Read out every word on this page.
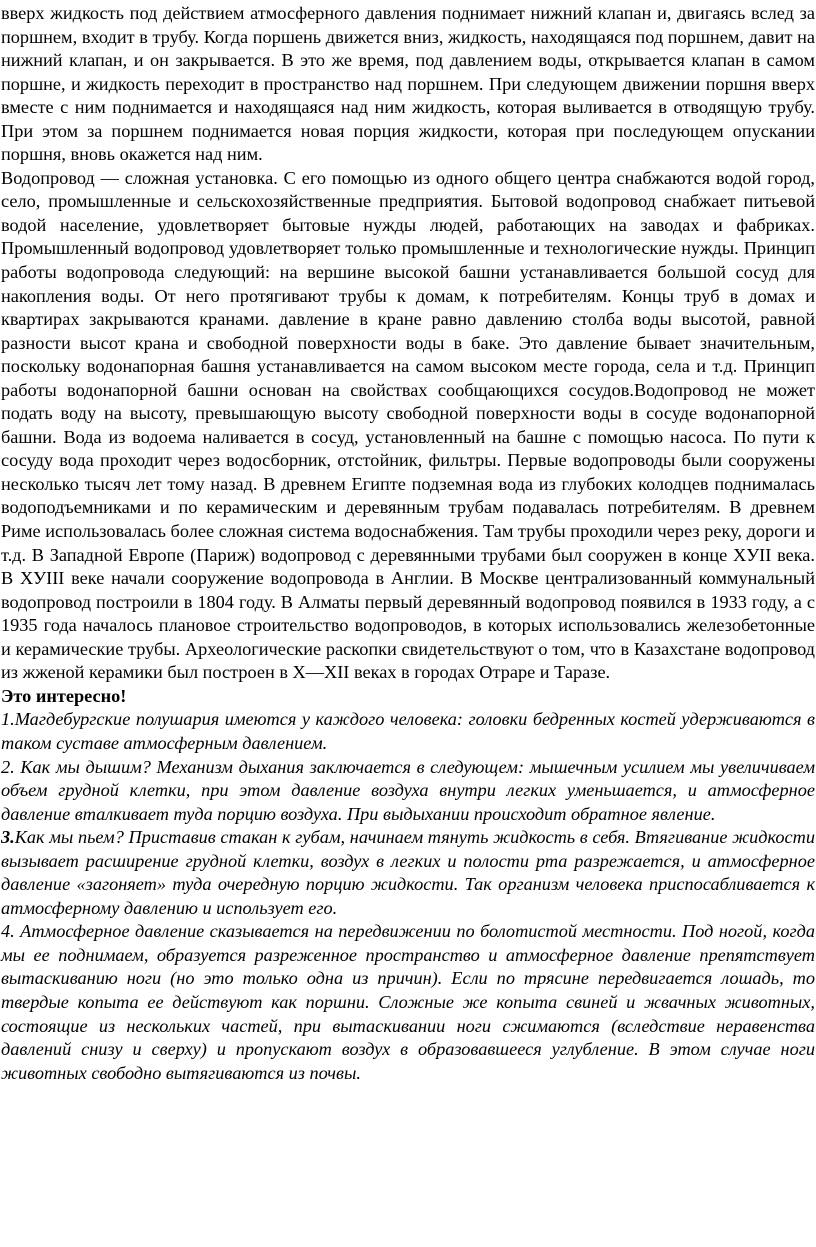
вверх жидкость под действием атмосферного давления поднимает нижний клапан и, двигаясь вслед за поршнем, входит в трубу. Когда поршень движется вниз, жидкость, находящаяся под поршнем, давит на нижний клапан, и он закрывается. В это же время, под давлением воды, открывается клапан в самом поршне, и жидкость переходит в пространство над поршнем. При следующем движении поршня вверх вместе с ним поднимается и находящаяся над ним жидкость, которая выливается в отводящую трубу. При этом за поршнем поднимается новая порция жидкости, которая при последующем опускании поршня, вновь окажется над ним.

Водопровод — сложная установка. С его помощью из одного общего центра снабжаются водой город, село, промышленные и сельскохозяйственные предприятия. Бытовой водопровод снабжает питьевой водой население, удовлетворяет бытовые нужды людей, работающих на заводах и фабриках. Промышленный водопровод удовлетворяет только промышленные и технологические нужды. Принцип работы водопровода следующий: на вершине высокой башни устанавливается большой сосуд для накопления воды. От него протягивают трубы к домам, к потребителям. Концы труб в домах и квартирах закрываются кранами. давление в кране равно давлению столба воды высотой, равной разности высот крана и свободной поверхности воды в баке. Это давление бывает значительным, поскольку водонапорная башня устанавливается на самом высоком месте города, села и т.д. Принцип работы водонапорной башни основан на свойствах сообщающихся сосудов.Водопровод не может подать воду на высоту, превышающую высоту свободной поверхности воды в сосуде водонапорной башни. Вода из водоема наливается в сосуд, установленный на башне с помощью насоса. По пути к сосуду вода проходит через водосборник, отстойник, фильтры. Первые водопроводы были сооружены несколько тысяч лет тому назад. В древнем Египте подземная вода из глубоких колодцев поднималась водоподъемниками и по керамическим и деревянным трубам подавалась потребителям. В древнем Риме использовалась более сложная система водоснабжения. Там трубы проходили через реку, дороги и т.д. В Западной Европе (Париж) водопровод с деревянными трубами был сооружен в конце ХУII века. В ХУIII веке начали сооружение водопровода в Англии. В Москве централизованный коммунальный водопровод построили в 1804 году. В Алматы первый деревянный водопровод появился в 1933 году, а с 1935 года началось плановое строительство водопроводов, в которых использовались железобетонные и керамические трубы. Археологические раскопки свидетельствуют о том, что в Казахстане водопровод из жженой керамики был построен в Х—ХII веках в городах Отраре и Таразе.

Это интересно!

1.Магдебургские полушария имеются у каждого человека: головки бедренных костей удерживаются в таком суставе атмосферным давлением.

2. Как мы дышим? Механизм дыхания заключается в следующем: мышечным усилием мы увеличиваем объем грудной клетки, при этом давление воздуха внутри легких уменьшается, и атмосферное давление вталкивает туда порцию воздуха. При выдыхании происходит обратное явление.

3.Как мы пьем? Приставив стакан к губам, начинаем тянуть жидкость в себя. Втягивание жидкости вызывает расширение грудной клетки, воздух в легких и полости рта разрежается, и атмосферное давление «загоняет» туда очередную порцию жидкости. Так организм человека приспосабливается к атмосферному давлению и использует его.

4. Атмосферное давление сказывается на передвижении по болотистой местности. Под ногой, когда мы ее поднимаем, образуется разреженное пространство и атмосферное давление препятствует вытаскиванию ноги (но это только одна из причин). Если по трясине передвигается лошадь, то твердые копыта ее действуют как поршни. Сложные же копыта свиней и жвачных животных, состоящие из нескольких частей, при вытаскивании ноги сжимаются (вследствие неравенства давлений снизу и сверху) и пропускают воздух в образовавшееся углубление. В этом случае ноги животных свободно вытягиваются из почвы.
